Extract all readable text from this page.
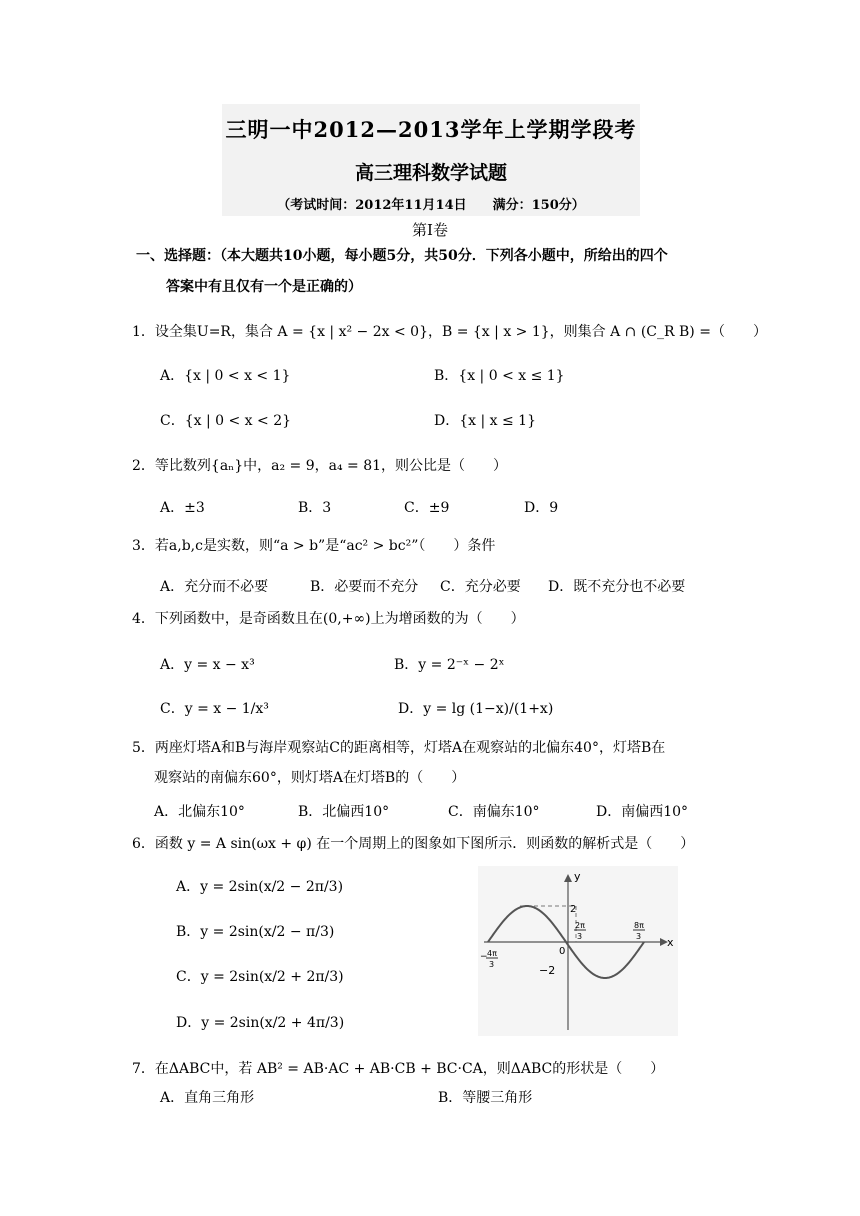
三明一中2012—2013学年上学期学段考
高三理科数学试题
（考试时间：2012年11月14日　　满分：150分）
第Ⅰ卷
一、选择题：（本大题共10小题，每小题5分，共50分．下列各小题中，所给出的四个
答案中有且仅有一个是正确的）
1．设全集U=R，集合 A = {x | x² − 2x < 0}，B = {x | x > 1}，则集合 A ∩ (C_R B) =（　　）
A．{x | 0 < x < 1}	B．{x | 0 < x ≤ 1}
C．{x | 0 < x < 2}	D．{x | x ≤ 1}
2．等比数列{aₙ}中，a₂ = 9，a₄ = 81，则公比是（　　）
A．±3	B．3	C．±9	D．9
3．若a,b,c是实数，则“a > b”是“ac² > bc²”（　　）条件
A．充分而不必要	B．必要而不充分 C．充分必要 D．既不充分也不必要
4．下列函数中，是奇函数且在(0,+∞)上为增函数的为（　　）
A．y = x − x³	B．y = 2⁻ˣ − 2ˣ
C．y = x − 1/x³	D．y = lg (1−x)/(1+x)
5．两座灯塔A和B与海岸观察站C的距离相等，灯塔A在观察站的北偏东40°，灯塔B在
观察站的南偏东60°，则灯塔A在灯塔B的（　　）
A．北偏东10°	B．北偏西10°	C．南偏东10°	D．南偏西10°
6．函数 y = A sin(ωx + φ) 在一个周期上的图象如下图所示．则函数的解析式是（　　）
A．y = 2sin(x/2 − 2π/3)
B．y = 2sin(x/2 − π/3)
C．y = 2sin(x/2 + 2π/3)
D．y = 2sin(x/2 + 4π/3)
y
x
0
2
−2
2π
3
8π
3
− 4π
3
7．在ΔABC中，若 AB² = AB·AC + AB·CB + BC·CA，则ΔABC的形状是（　　）
A．直角三角形	B．等腰三角形
